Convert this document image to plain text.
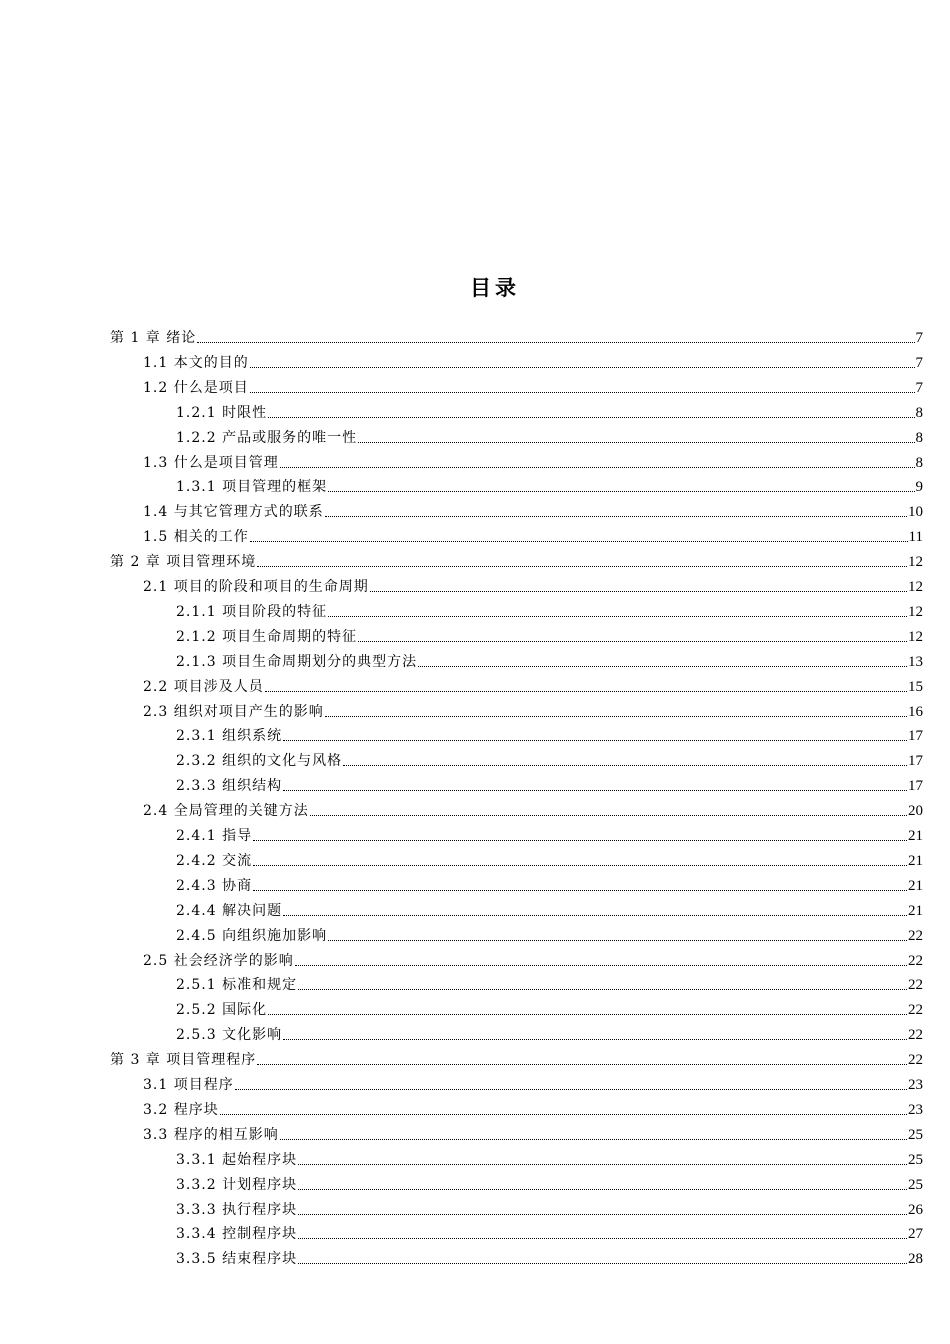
目录
第 1 章 绪论	7
1.1 本文的目的	7
1.2 什么是项目	7
1.2.1 时限性	8
1.2.2 产品或服务的唯一性	8
1.3 什么是项目管理	8
1.3.1 项目管理的框架	9
1.4 与其它管理方式的联系	10
1.5 相关的工作	11
第 2 章 项目管理环境	12
2.1 项目的阶段和项目的生命周期	12
2.1.1 项目阶段的特征	12
2.1.2 项目生命周期的特征	12
2.1.3 项目生命周期划分的典型方法	13
2.2 项目涉及人员	15
2.3 组织对项目产生的影响	16
2.3.1 组织系统	17
2.3.2 组织的文化与风格	17
2.3.3 组织结构	17
2.4 全局管理的关键方法	20
2.4.1 指导	21
2.4.2 交流	21
2.4.3 协商	21
2.4.4 解决问题	21
2.4.5 向组织施加影响	22
2.5 社会经济学的影响	22
2.5.1 标准和规定	22
2.5.2 国际化	22
2.5.3 文化影响	22
第 3 章 项目管理程序	22
3.1 项目程序	23
3.2 程序块	23
3.3 程序的相互影响	25
3.3.1 起始程序块	25
3.3.2 计划程序块	25
3.3.3 执行程序块	26
3.3.4 控制程序块	27
3.3.5 结束程序块	28
